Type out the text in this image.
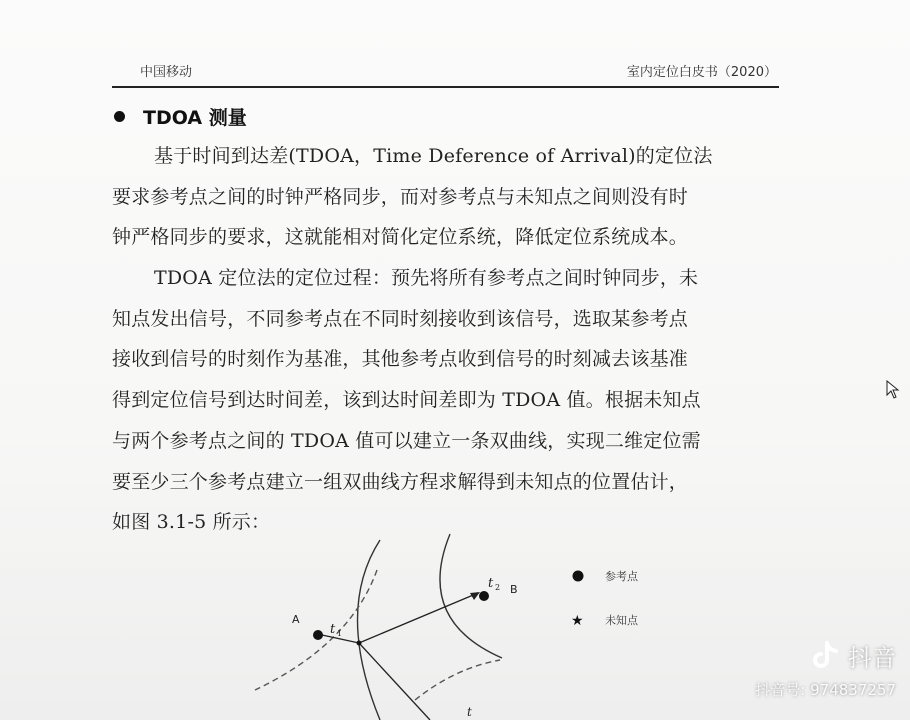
中国移动	室内定位白皮书（2020）
TDOA 测量
基于时间到达差(TDOA，Time Deference of Arrival)的定位法
要求参考点之间的时钟严格同步，而对参考点与未知点之间则没有时
钟严格同步的要求，这就能相对简化定位系统，降低定位系统成本。
TDOA 定位法的定位过程：预先将所有参考点之间时钟同步，未
知点发出信号，不同参考点在不同时刻接收到该信号，选取某参考点
接收到信号的时刻作为基准，其他参考点收到信号的时刻减去该基准
得到定位信号到达时间差，该到达时间差即为 TDOA 值。根据未知点
与两个参考点之间的 TDOA 值可以建立一条双曲线，实现二维定位需
要至少三个参考点建立一组双曲线方程求解得到未知点的位置估计，
如图 3.1-5 所示：
A
t 1
t 2 B
t
参考点
★ 未知点
抖音
抖音号: 974837257
